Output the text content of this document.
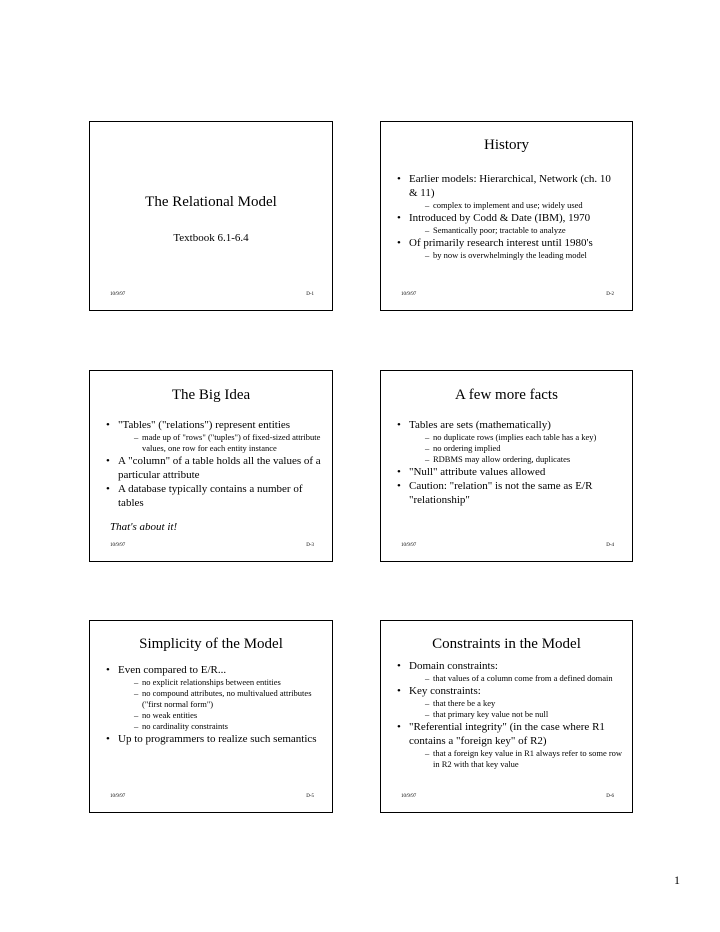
The Relational Model
Textbook 6.1-6.4
10/9/97	D-1
History
• Earlier models: Hierarchical, Network (ch. 10 & 11)
– complex to implement and use; widely used
• Introduced by Codd & Date (IBM), 1970
– Semantically poor; tractable to analyze
• Of primarily research interest until 1980's
– by now is overwhelmingly the leading model
10/9/97	D-2
The Big Idea
• "Tables" ("relations") represent entities
– made up of "rows" ("tuples") of fixed-sized attribute values, one row for each entity instance
• A "column" of a table holds all the values of a particular attribute
• A database typically contains a number of tables
That's about it!
10/9/97	D-3
A few more facts
• Tables are sets (mathematically)
– no duplicate rows (implies each table has a key)
– no ordering implied
– RDBMS may allow ordering, duplicates
• "Null" attribute values allowed
• Caution: "relation" is not the same as E/R "relationship"
10/9/97	D-4
Simplicity of the Model
• Even compared to E/R...
– no explicit relationships between entities
– no compound attributes, no multivalued attributes ("first normal form")
– no weak entities
– no cardinality constraints
• Up to programmers to realize such semantics
10/9/97	D-5
Constraints in the Model
• Domain constraints:
– that values of a column come from a defined domain
• Key constraints:
– that there be a key
– that primary key value not be null
• "Referential integrity" (in the case where R1 contains a "foreign key" of R2)
– that a foreign key value in R1 always refer to some row in R2 with that key value
10/9/97	D-6
1
